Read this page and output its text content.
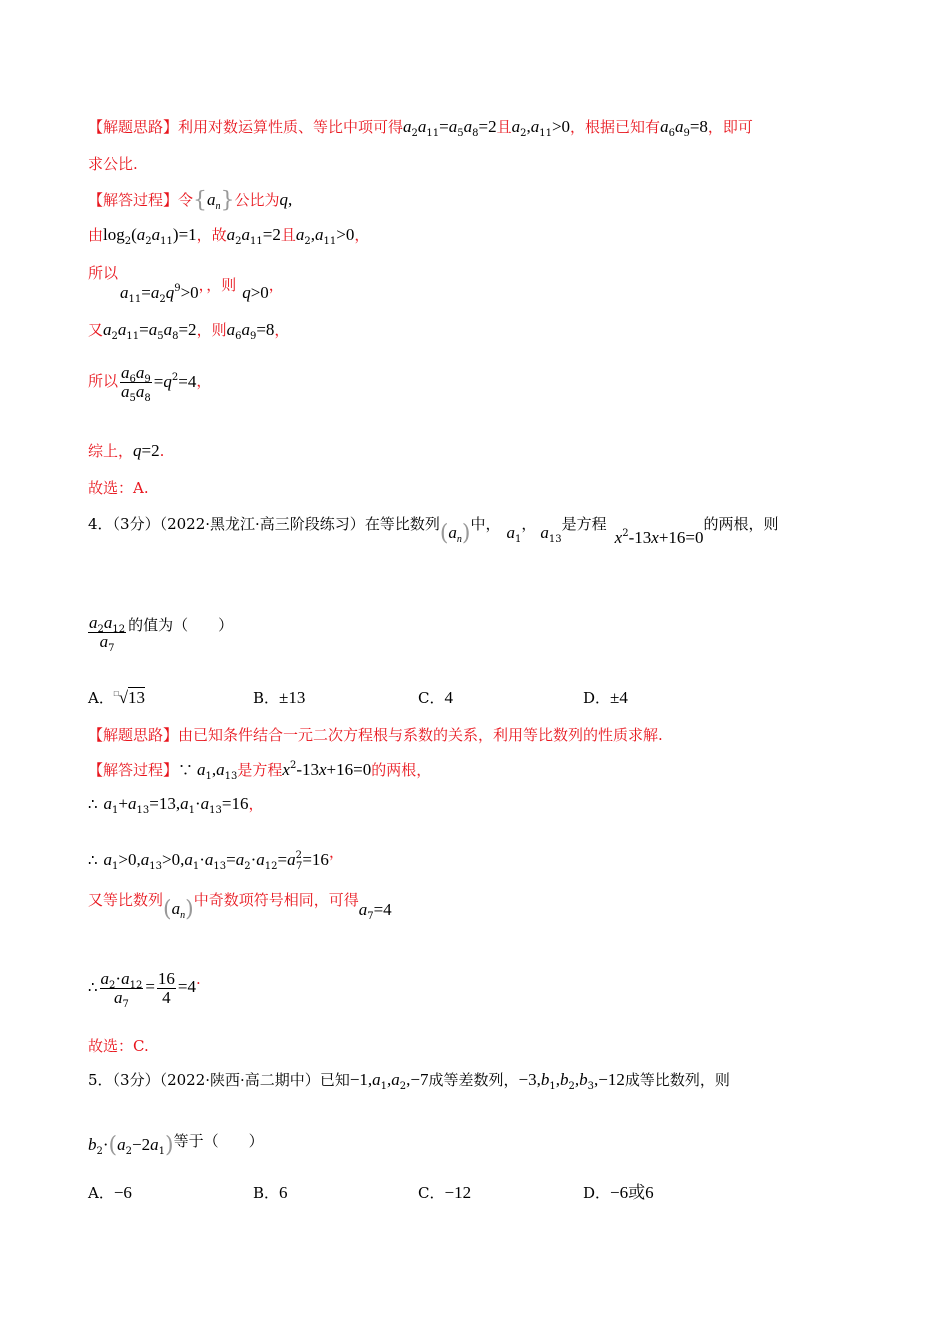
【解题思路】利用对数运算性质、等比中项可得$a_2a_{11}=a_5a_8=2$且$a_2,a_{11}>0$，根据已知有$a_6a_9=8$，即可
求公比.
【解答过程】令$\{a_n\}$公比为q,
由$\log_2(a_2a_{11})=1$，故$a_2a_{11}=2$且$a_2,a_{11}>0$，
所以
$a_{11}=a_2q^9>0$，，则 q>0，
又$a_2a_{11}=a_5a_8=2$，则$a_6a_9=8$，
所以 $\frac{a_6a_9}{a_5a_8} =q^2=4$，
综上，q=2.
故选：A.
4．（3分）（2022·黑龙江·高三阶段练习）在等比数列$(a_n)$中， $a_1$， $a_{13}$是方程$x^2-13x+16=0$的两根，则
$\frac{a_2a_{12}}{a_7}$ 的值为（　　）
A．□√13	B．±13	C．4	D．±4
【解题思路】由已知条件结合一元二次方程根与系数的关系，利用等比数列的性质求解.
【解答过程】∵ $a_1,a_{13}$是方程$x^2-13x+16=0$的两根，
∴ $a_1+a_{13}=13,a_1\cdot a_{13}=16$，
∴ $a_1>0,a_{13}>0,a_1\cdot a_{13}=a_2\cdot a_{12}=a^2_7=16$，
又等比数列$(a_n)$中奇数项符号相同，可得$a_7=4$
∴ $\frac{a_2\cdot a_{12}}{a_7} = \frac{16}{4} =4$.
故选：C.
5．（3分）（2022·陕西·高二期中）已知$-1,a_1,a_2,-7$成等差数列，$-3,b_1,b_2,b_3,-12$成等比数列，则
$b_2\cdot(a_2-2a_1)$等于（　　）
A．−6	B．6	C．−12	D．−6或6
